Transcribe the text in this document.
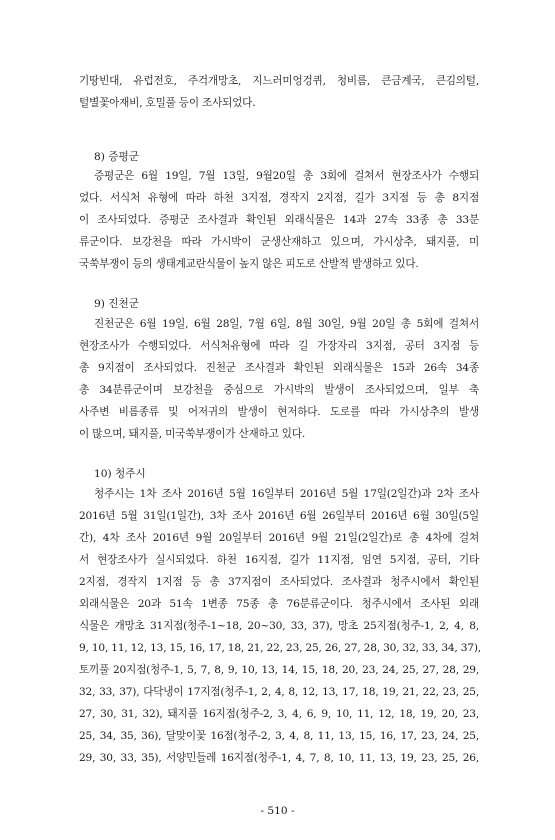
기땅빈대, 유럽전호, 주걱개망초, 지느러미엉겅퀴, 청비름, 큰금계국, 큰김의털,
털별꽃아재비, 호밀풀 등이 조사되었다.
8) 증평군
증평군은 6월 19일, 7월 13일, 9월20일 총 3회에 걸쳐서 현장조사가 수행되
었다. 서식처 유형에 따라 하천 3지점, 경작지 2지점, 길가 3지점 등 총 8지점
이 조사되었다. 증평군 조사결과 확인된 외래식물은 14과 27속 33종 총 33분
류군이다. 보강천을 따라 가시박이 군생산재하고 있으며, 가시상추, 돼지풀, 미
국쑥부쟁이 등의 생태계교란식물이 높지 않은 피도로 산발적 발생하고 있다.
9) 진천군
진천군은 6월 19일, 6월 28일, 7월 6일, 8월 30일, 9월 20일 총 5회에 걸쳐서
현장조사가 수행되었다. 서식처유형에 따라 길 가장자리 3지점, 공터 3지점 등
총 9지점이 조사되었다. 진천군 조사결과 확인된 외래식물은 15과 26속 34종
총 34분류군이며 보강천을 중심으로 가시박의 발생이 조사되었으며, 일부 축
사주변 비름종류 및 어저귀의 발생이 현저하다. 도로를 따라 가시상추의 발생
이 많으며, 돼지풀, 미국쑥부쟁이가 산재하고 있다.
10) 청주시
청주시는 1차 조사 2016년 5월 16일부터 2016년 5월 17일(2일간)과 2차 조사
2016년 5월 31일(1일간), 3차 조사 2016년 6월 26일부터 2016년 6월 30일(5일
간), 4차 조사 2016년 9월 20일부터 2016년 9월 21일(2일간)로 총 4차에 걸쳐
서 현장조사가 실시되었다. 하천 16지점, 길가 11지점, 임연 5지점, 공터, 기타
2지점, 경작지 1지점 등 총 37지점이 조사되었다. 조사결과 청주시에서 확인된
외래식물은 20과 51속 1변종 75종 총 76분류군이다. 청주시에서 조사된 외래
식물은 개망초 31지점(청주-1~18, 20~30, 33, 37), 망초 25지점(청주-1, 2, 4, 8,
9, 10, 11, 12, 13, 15, 16, 17, 18, 21, 22, 23, 25, 26, 27, 28, 30, 32, 33, 34, 37),
토끼풀 20지점(청주-1, 5, 7, 8, 9, 10, 13, 14, 15, 18, 20, 23, 24, 25, 27, 28, 29,
32, 33, 37), 다닥냉이 17지점(청주-1, 2, 4, 8, 12, 13, 17, 18, 19, 21, 22, 23, 25,
27, 30, 31, 32), 돼지풀 16지점(청주-2, 3, 4, 6, 9, 10, 11, 12, 18, 19, 20, 23,
25, 34, 35, 36), 달맞이꽃 16점(청주-2, 3, 4, 8, 11, 13, 15, 16, 17, 23, 24, 25,
29, 30, 33, 35), 서양민들레 16지점(청주-1, 4, 7, 8, 10, 11, 13, 19, 23, 25, 26,
- 510 -
